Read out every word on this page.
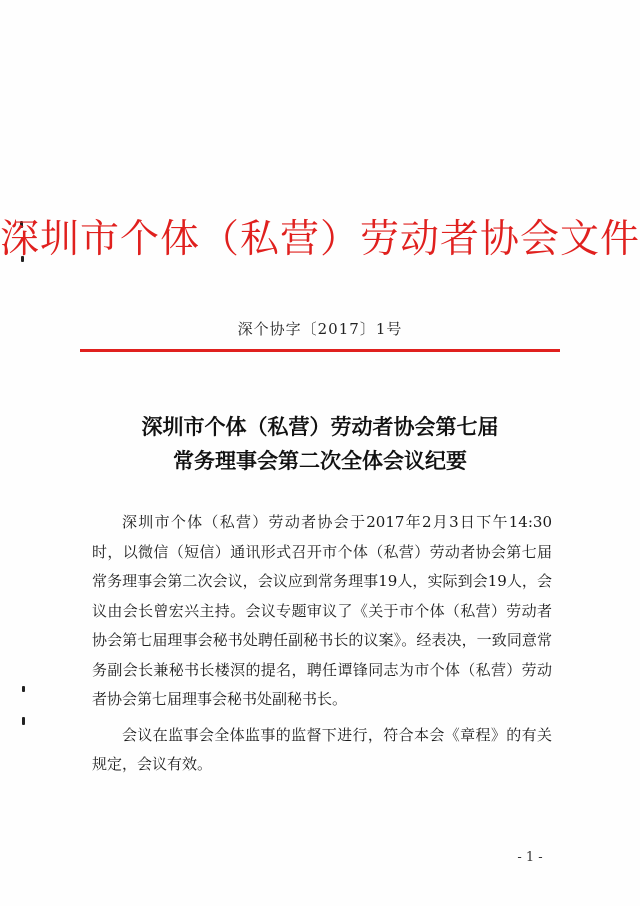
深圳市个体（私营）劳动者协会文件
深个协字〔2017〕1号
深圳市个体（私营）劳动者协会第七届
常务理事会第二次全体会议纪要

深圳市个体（私营）劳动者协会于2017年2月3日下午14:30时，以微信（短信）通讯形式召开市个体（私营）劳动者协会第七届常务理事会第二次会议，会议应到常务理事19人，实际到会19人，会议由会长曾宏兴主持。会议专题审议了《关于市个体（私营）劳动者协会第七届理事会秘书处聘任副秘书长的议案》。经表决，一致同意常务副会长兼秘书长楼溟的提名，聘任谭锋同志为市个体（私营）劳动者协会第七届理事会秘书处副秘书长。

会议在监事会全体监事的监督下进行，符合本会《章程》的有关规定，会议有效。

- 1 -
